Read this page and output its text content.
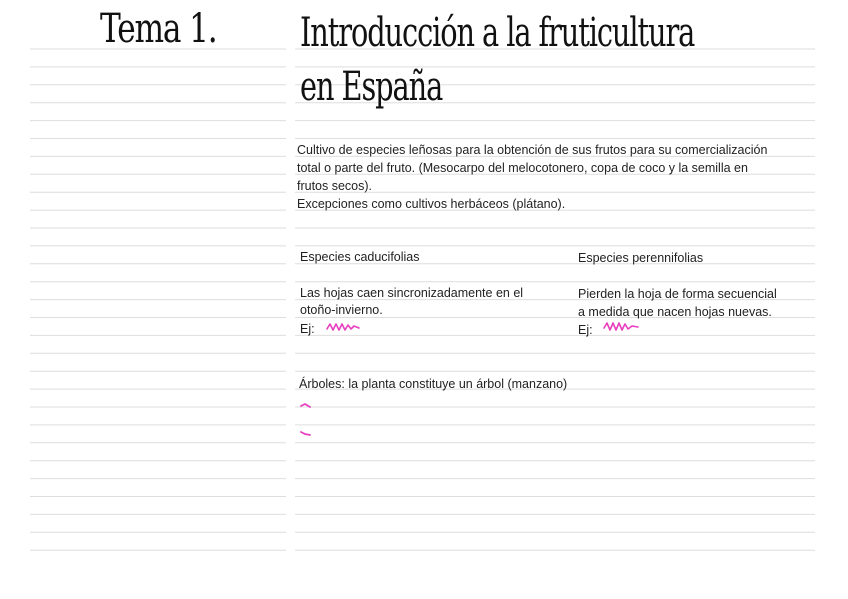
Tema 1. Introducción a la fruticultura
en España
Cultivo de especies leñosas para la obtención de sus frutos para su comercialización
total o parte del fruto. (Mesocarpo del melocotonero, copa de coco y la semilla en
frutos secos).
Excepciones como cultivos herbáceos (plátano).
Especies caducifolias
Las hojas caen sincronizadamente en el
otoño-invierno.
Ej:
Especies perennifolias
Pierden la hoja de forma secuencial
a medida que nacen hojas nuevas.
Ej:
Árboles: la planta constituye un árbol (manzano)
